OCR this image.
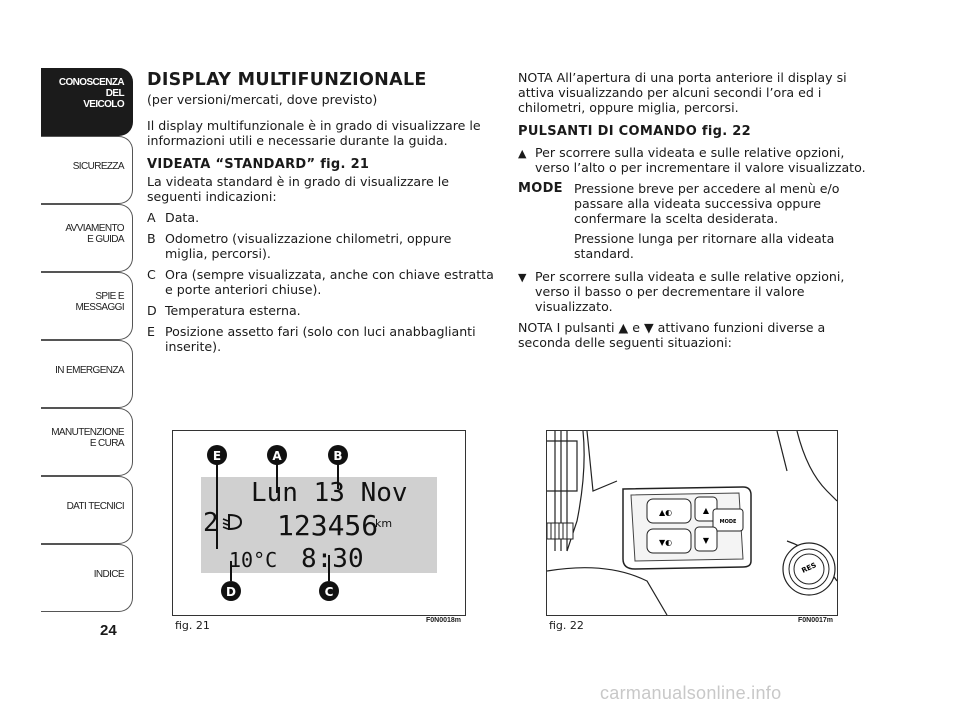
CONOSCENZA
DEL
VEICOLO
SICUREZZA
AVVIAMENTO
E GUIDA
SPIE E
MESSAGGI
IN EMERGENZA
MANUTENZIONE
E CURA
DATI TECNICI
INDICE
24
DISPLAY MULTIFUNZIONALE
(per versioni/mercati, dove previsto)

Il display multifunzionale è in grado di visualizzare le informazioni utili e necessarie durante la guida.

VIDEATA “STANDARD” fig. 21

La videata standard è in grado di visualizzare le seguenti indicazioni:

A Data.
B Odometro (visualizzazione chilometri, oppure miglia, percorsi).
C Ora (sempre visualizzata, anche con chiave estratta e porte anteriori chiuse).
D Temperatura esterna.
E Posizione assetto fari (solo con luci anabbaglianti inserite).

NOTA All’apertura di una porta anteriore il display si attiva visualizzando per alcuni secondi l’ora ed i chilometri, oppure miglia, percorsi.

PULSANTI DI COMANDO fig. 22
▲ Per scorrere sulla videata e sulle relative opzioni, verso l’alto o per incrementare il valore visualizzato.
MODE Pressione breve per accedere al menù e/o passare alla videata successiva oppure confermare la scelta desiderata.

Pressione lunga per ritornare alla videata standard.

▼ Per scorrere sulla videata e sulle relative opzioni, verso il basso o per decrementare il valore visualizzato.

NOTA I pulsanti ▲ e ▼ attivano funzioni diverse a seconda delle seguenti situazioni:

Lun 13 Nov
2 123456
km
10°C 8:30
E	A	B
D	C
fig. 21	F0N0018m
▲◐
▼◐
▲
MODE
▼
RES
fig. 22	F0N0017m
carmanualsonline.info
